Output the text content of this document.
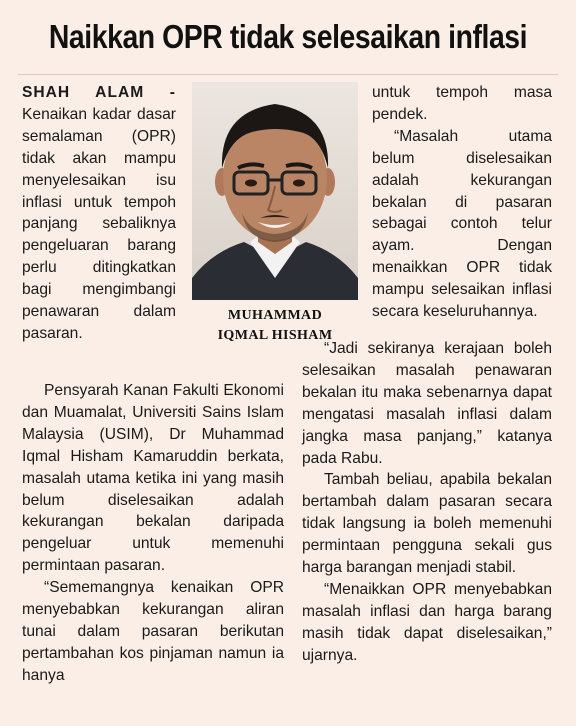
Naikkan OPR tidak selesaikan inflasi

SHAH ALAM - Kenaikan kadar dasar semalaman (OPR) tidak akan mampu menyelesaikan isu inflasi untuk tempoh panjang sebaliknya pengeluaran barang perlu ditingkatkan bagi mengimbangi penawaran dalam pasaran.

Pensyarah Kanan Fakulti Ekonomi dan Muamalat, Universiti Sains Islam Malaysia (USIM), Dr Muhammad Iqmal Hisham Kamaruddin berkata, masalah utama ketika ini yang masih belum diselesaikan adalah kekurangan bekalan daripada pengeluar untuk memenuhi permintaan pasaran.

“Sememangnya kenaikan OPR menyebabkan kekurangan aliran tunai dalam pasaran berikutan pertambahan kos pinjaman namun ia hanya

MUHAMMAD
IQMAL HISHAM

untuk tempoh masa pendek.

“Masalah utama belum diselesaikan adalah kekurangan bekalan di pasaran sebagai contoh telur ayam. Dengan menaikkan OPR tidak mampu selesaikan inflasi secara keseluruhannya.

“Jadi sekiranya kerajaan boleh selesaikan masalah penawaran bekalan itu maka sebenarnya dapat mengatasi masalah inflasi dalam jangka masa panjang,” katanya pada Rabu.

Tambah beliau, apabila bekalan bertambah dalam pasaran secara tidak langsung ia boleh memenuhi permintaan pengguna sekali gus harga barangan menjadi stabil.

“Menaikkan OPR menyebabkan masalah inflasi dan harga barang masih tidak dapat diselesaikan,” ujarnya.
